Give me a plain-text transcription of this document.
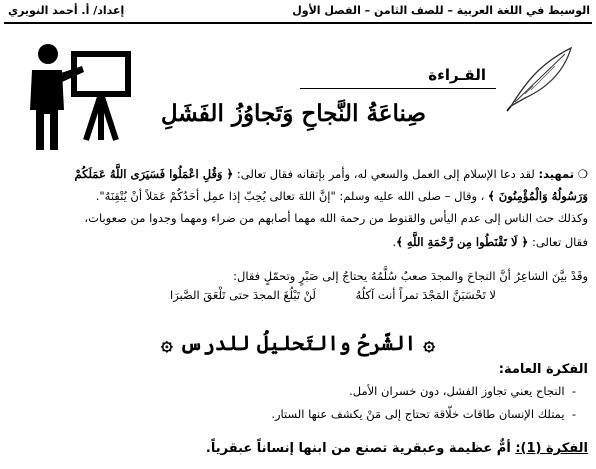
الوسيط في اللغة العربية – للصف الثامن – الفصل الأول
إعداد/ أ. أحمد النويري
القـراءة
صِناعَةُ النَّجاحِ وَتَجاوُزُ الفَشَلِ
❍ تمهيد: لقد دعا الإسلام إلى العمل والسعي له، وأمر بإتقانه فقال تعالى: ﴿ وَقُلِ اعْمَلُوا فَسَيَرَى اللَّهُ عَمَلَكُمْ
وَرَسُولُهُ وَالْمُؤْمِنُونَ ﴾ ، وقال – صلى الله عليه وسلم: "إنَّ اللهَ تعالى يُحِبّ إذا عمِل أحَدُكُمْ عَمَلاً أنْ يُتْقِنَهُ".
وكذلك حث الناس إلى عدم اليأس والقنوط من رحمة الله مهما أصابهم من ضراء ومهما وجدوا من صعوبات،
فقال تعالى: ﴿ لَا تَقْنَطُوا مِن رَّحْمَةِ اللَّهِ ﴾.
وقَدْ بيَّنَ الشاعِرُ أنَّ النجاحَ والمجدَ صعبٌ سُلَّمُهُ يحتاجُ إلى صَبْرٍ وتحمّلٍ فقال:
لا تَحْسَبَنَّ المَجْدَ تمراً أنت آكلُهُ
لَنْ تَبْلُغَ المجدَ حتى تَلْعَقَ الصَّبرَا
۞ الشّرحُ والتَحليلُ للدرس ۞
الفكرة العامة:
-  النجاح يعني تجاوز الفشل، دون خسران الأمل.
-  يمتلك الإنسان طاقات خلّاقة تحتاج إلى مَنْ يكشف عنها الستار.
الفكرة (1): أمٌّ عظيمة وعبقرية تصنع من ابنها إنساناً عبقرياً.
